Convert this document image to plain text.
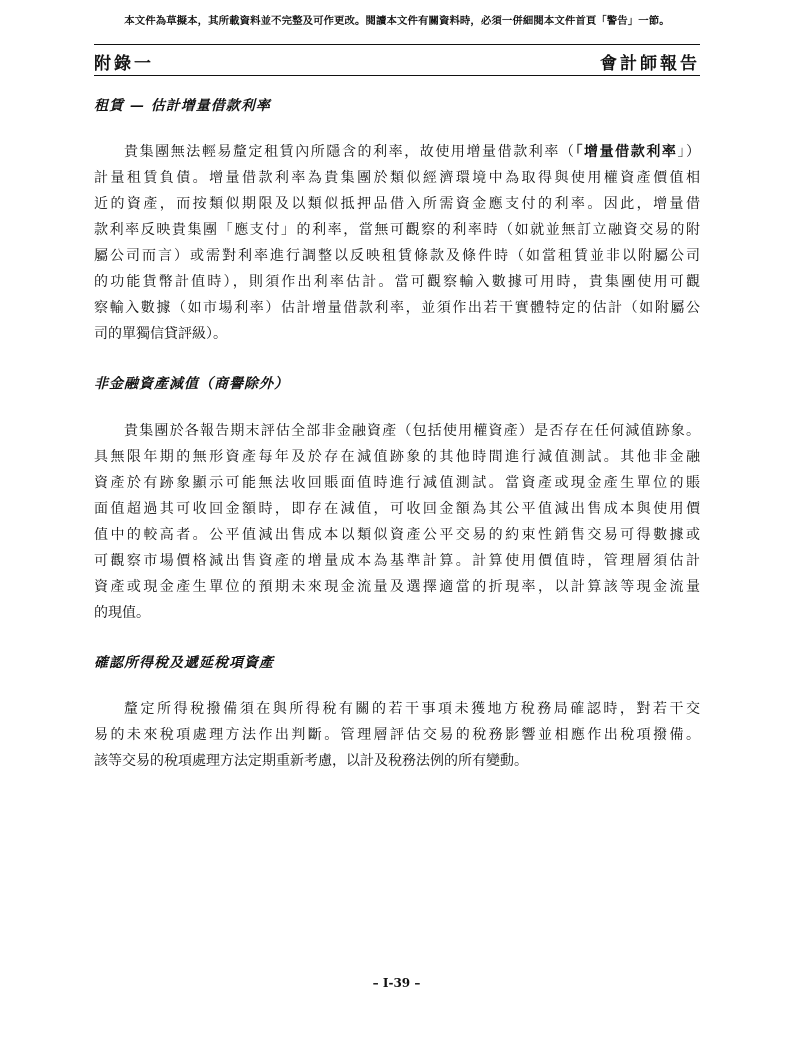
本文件為草擬本，其所載資料並不完整及可作更改。閱讀本文件有關資料時，必須一併細閱本文件首頁「警告」一節。
附錄一	會計師報告
租賃 — 估計增量借款利率
貴集團無法輕易釐定租賃內所隱含的利率，故使用增量借款利率（「增量借款利率」）
計量租賃負債。增量借款利率為貴集團於類似經濟環境中為取得與使用權資產價值相
近的資產，而按類似期限及以類似抵押品借入所需資金應支付的利率。因此，增量借
款利率反映貴集團「應支付」的利率，當無可觀察的利率時（如就並無訂立融資交易的附
屬公司而言）或需對利率進行調整以反映租賃條款及條件時（如當租賃並非以附屬公司
的功能貨幣計值時），則須作出利率估計。當可觀察輸入數據可用時，貴集團使用可觀
察輸入數據（如市場利率）估計增量借款利率，並須作出若干實體特定的估計（如附屬公
司的單獨信貸評級）。
非金融資產減值（商譽除外）
貴集團於各報告期末評估全部非金融資產（包括使用權資產）是否存在任何減值跡象。
具無限年期的無形資產每年及於存在減值跡象的其他時間進行減值測試。其他非金融
資產於有跡象顯示可能無法收回賬面值時進行減值測試。當資產或現金產生單位的賬
面值超過其可收回金額時，即存在減值，可收回金額為其公平值減出售成本與使用價
值中的較高者。公平值減出售成本以類似資產公平交易的約束性銷售交易可得數據或
可觀察市場價格減出售資產的增量成本為基準計算。計算使用價值時，管理層須估計
資產或現金產生單位的預期未來現金流量及選擇適當的折現率，以計算該等現金流量
的現值。
確認所得稅及遞延稅項資產
釐定所得稅撥備須在與所得稅有關的若干事項未獲地方稅務局確認時，對若干交
易的未來稅項處理方法作出判斷。管理層評估交易的稅務影響並相應作出稅項撥備。
該等交易的稅項處理方法定期重新考慮，以計及稅務法例的所有變動。
– I-39 –
